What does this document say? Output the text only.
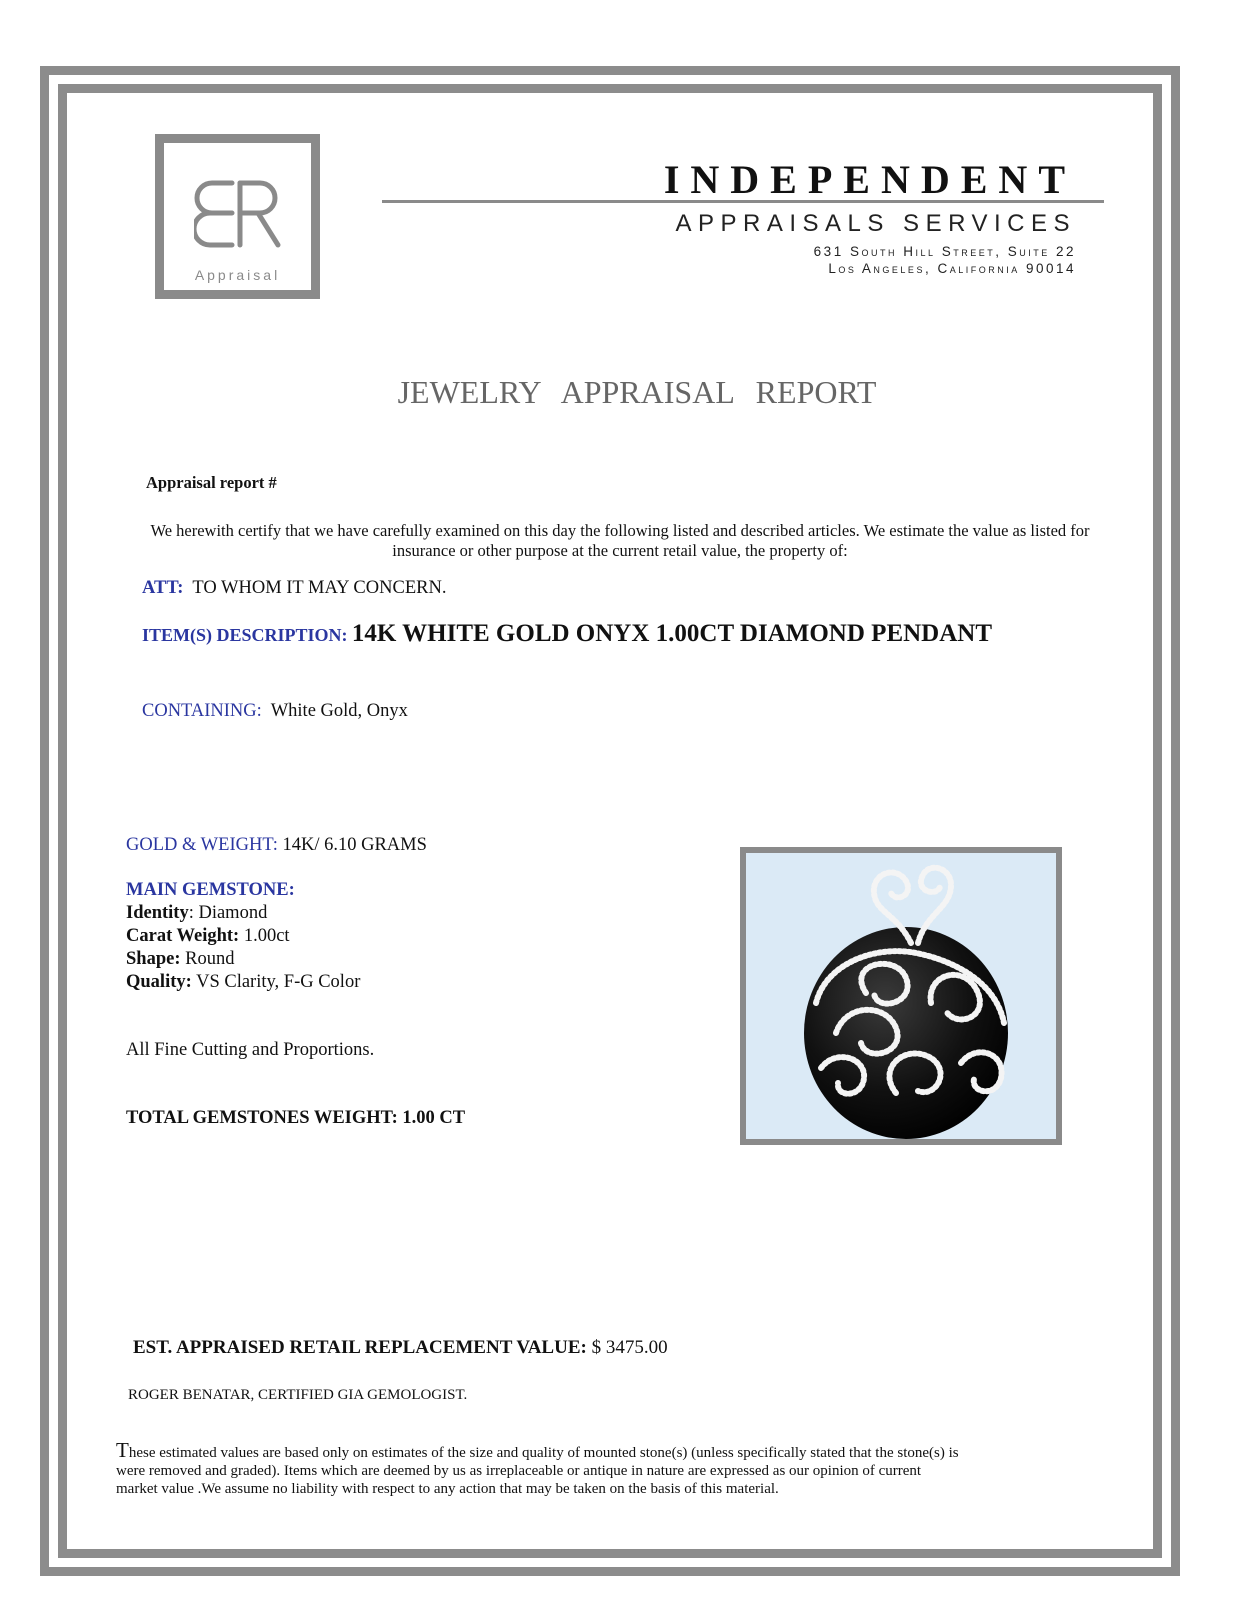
Appraisal
INDEPENDENT
APPRAISALS SERVICES
631 South Hill Street, Suite 22
Los Angeles, California 90014
JEWELRY APPRAISAL REPORT
Appraisal report #
We herewith certify that we have carefully examined on this day the following listed and described articles. We estimate the value as listed for insurance or other purpose at the current retail value, the property of:
ATT: TO WHOM IT MAY CONCERN.
ITEM(S) DESCRIPTION: 14K WHITE GOLD ONYX 1.00CT DIAMOND PENDANT
CONTAINING: White Gold, Onyx
GOLD & WEIGHT: 14K/ 6.10 GRAMS
MAIN GEMSTONE:
Identity: Diamond
Carat Weight: 1.00ct
Shape: Round
Quality: VS Clarity, F-G Color
All Fine Cutting and Proportions.
TOTAL GEMSTONES WEIGHT: 1.00 CT
EST. APPRAISED RETAIL REPLACEMENT VALUE: $ 3475.00
ROGER BENATAR, CERTIFIED GIA GEMOLOGIST.
These estimated values are based only on estimates of the size and quality of mounted stone(s) (unless specifically stated that the stone(s) is
were removed and graded). Items which are deemed by us as irreplaceable or antique in nature are expressed as our opinion of current
market value .We assume no liability with respect to any action that may be taken on the basis of this material.
